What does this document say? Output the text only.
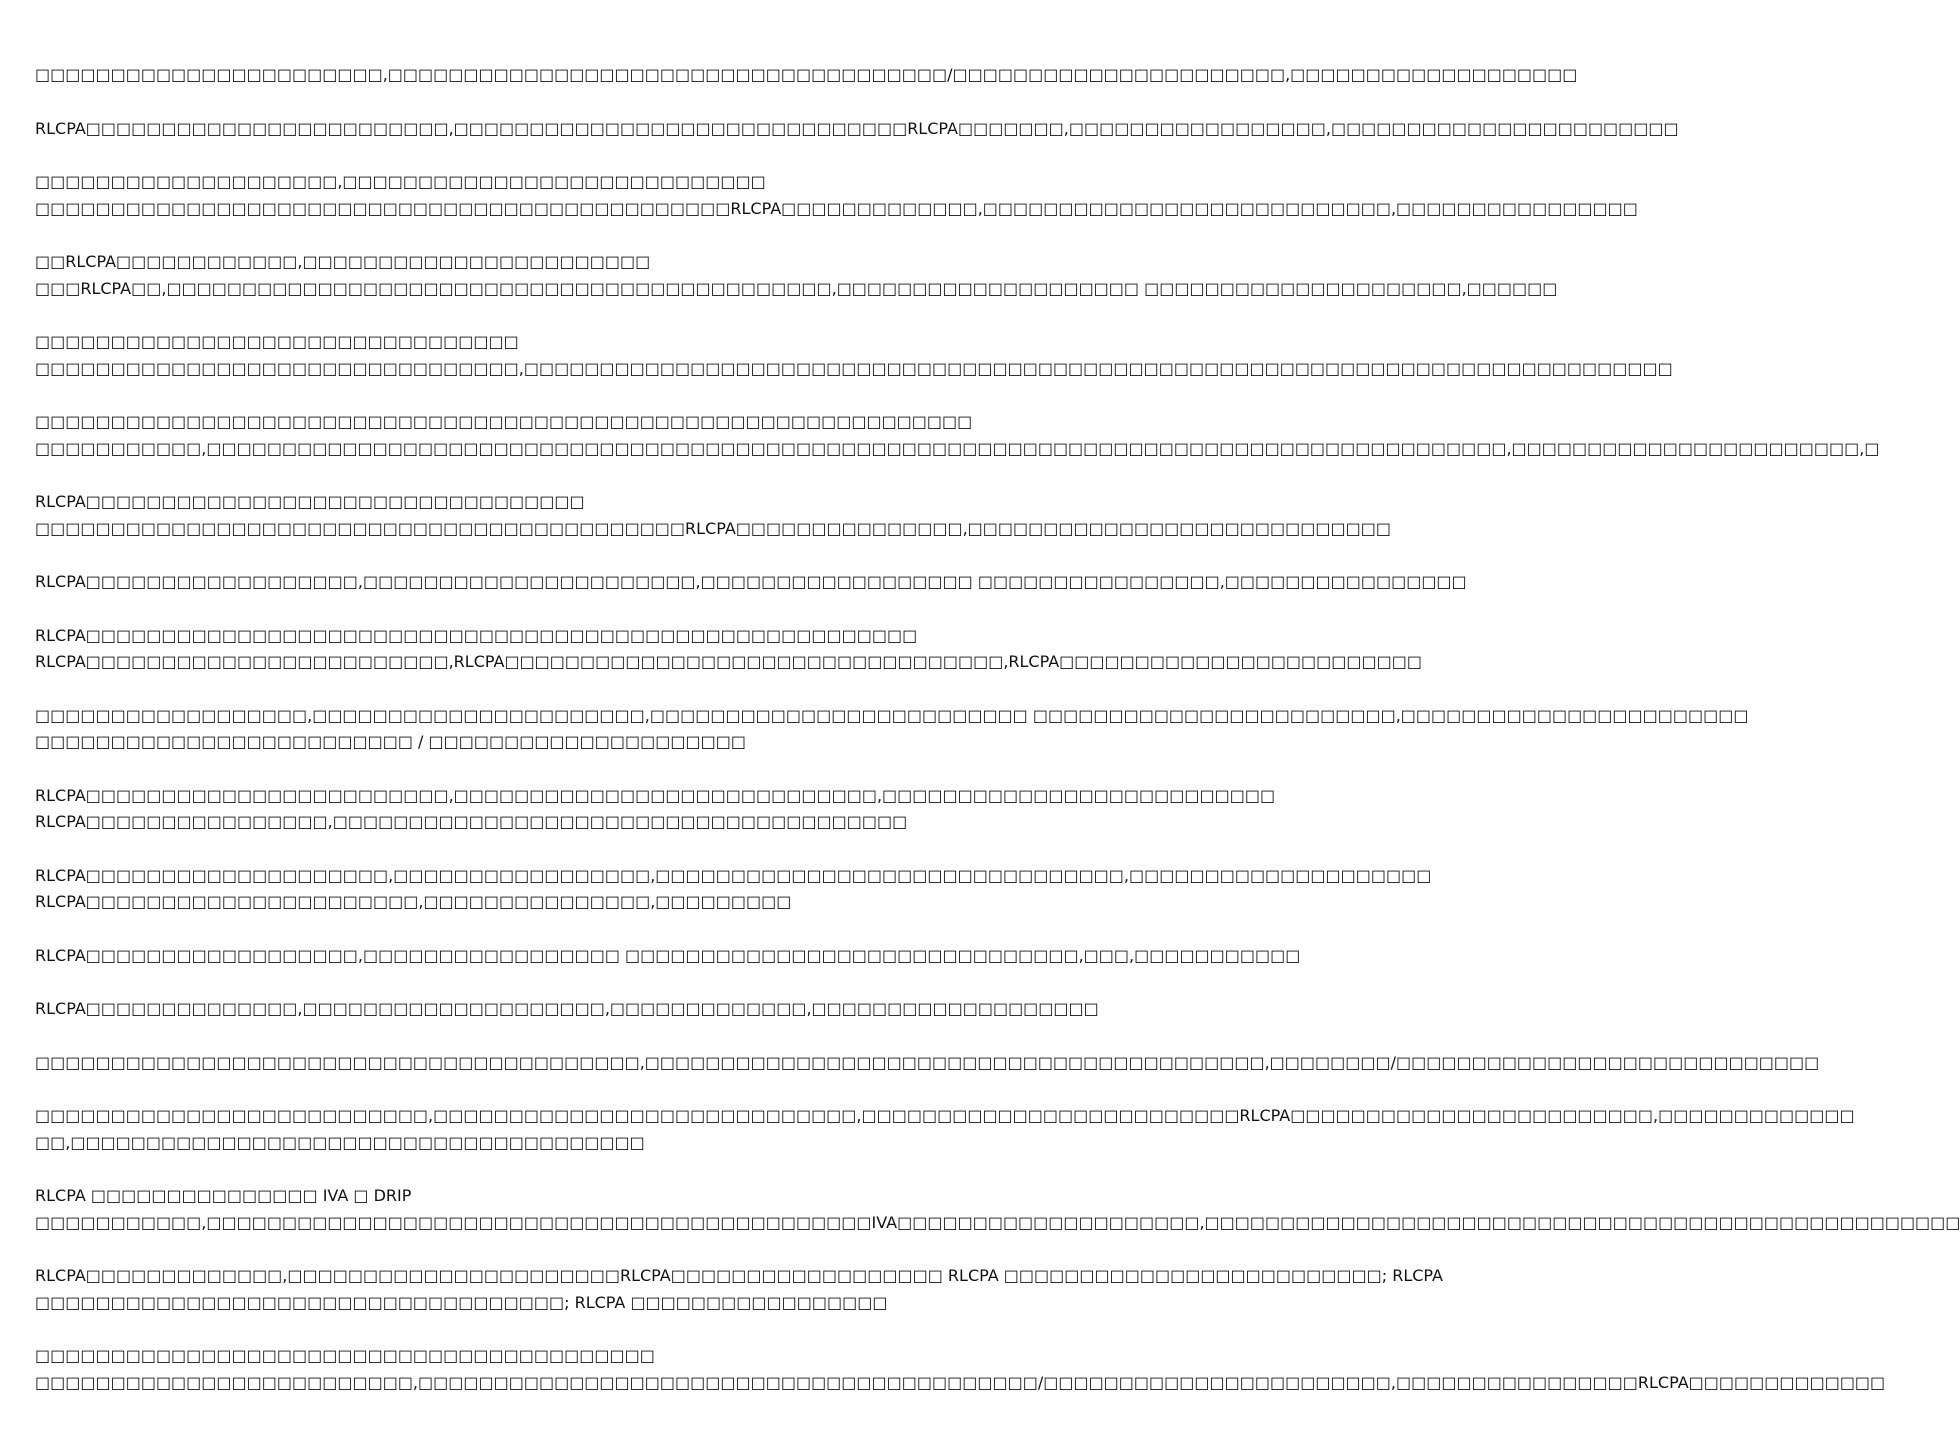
□□□□□□□□□□□□□□□□□□□□□□□,□□□□□□□□□□□□□□□□□□□□□□□□□□□□□□□□□□□□□/□□□□□□□□□□□□□□□□□□□□□□,□□□□□□□□□□□□□□□□□□□
RLCPA□□□□□□□□□□□□□□□□□□□□□□□□,□□□□□□□□□□□□□□□□□□□□□□□□□□□□□□RLCPA□□□□□□□,□□□□□□□□□□□□□□□□□,□□□□□□□□□□□□□□□□□□□□□□□
□□□□□□□□□□□□□□□□□□□□,□□□□□□□□□□□□□□□□□□□□□□□□□□□□
□□□□□□□□□□□□□□□□□□□□□□□□□□□□□□□□□□□□□□□□□□□□□□RLCPA□□□□□□□□□□□□□,□□□□□□□□□□□□□□□□□□□□□□□□□□□,□□□□□□□□□□□□□□□□
□□RLCPA□□□□□□□□□□□□,□□□□□□□□□□□□□□□□□□□□□□□
□□□RLCPA□□,□□□□□□□□□□□□□□□□□□□□□□□□□□□□□□□□□□□□□□□□□□□□,□□□□□□□□□□□□□□□□□□□□ □□□□□□□□□□□□□□□□□□□□□,□□□□□□
□□□□□□□□□□□□□□□□□□□□□□□□□□□□□□□□
□□□□□□□□□□□□□□□□□□□□□□□□□□□□□□□□,□□□□□□□□□□□□□□□□□□□□□□□□□□□□□□□□□□□□□□□□□□□□□□□□□□□□□□□□□□□□□□□□□□□□□□□□□□□□
□□□□□□□□□□□□□□□□□□□□□□□□□□□□□□□□□□□□□□□□□□□□□□□□□□□□□□□□□□□□□□
□□□□□□□□□□□,□□□□□□□□□□□□□□□□□□□□□□□□□□□□□□□□□□□□□□□□□□□□□□□□□□□□□□□□□□□□□□□□□□□□□□□□□□□□□□□□□□□□□□,□□□□□□□□□□□□□□□□□□□□□□□,□
RLCPA□□□□□□□□□□□□□□□□□□□□□□□□□□□□□□□□□
□□□□□□□□□□□□□□□□□□□□□□□□□□□□□□□□□□□□□□□□□□□RLCPA□□□□□□□□□□□□□□□,□□□□□□□□□□□□□□□□□□□□□□□□□□□□
RLCPA□□□□□□□□□□□□□□□□□□,□□□□□□□□□□□□□□□□□□□□□□,□□□□□□□□□□□□□□□□□□ □□□□□□□□□□□□□□□□,□□□□□□□□□□□□□□□□
RLCPA□□□□□□□□□□□□□□□□□□□□□□□□□□□□□□□□□□□□□□□□□□□□□□□□□□□□□□□
RLCPA□□□□□□□□□□□□□□□□□□□□□□□□,RLCPA□□□□□□□□□□□□□□□□□□□□□□□□□□□□□□□□□,RLCPA□□□□□□□□□□□□□□□□□□□□□□□□
□□□□□□□□□□□□□□□□□□,□□□□□□□□□□□□□□□□□□□□□□,□□□□□□□□□□□□□□□□□□□□□□□□□ □□□□□□□□□□□□□□□□□□□□□□□□,□□□□□□□□□□□□□□□□□□□□□□□
□□□□□□□□□□□□□□□□□□□□□□□□□ / □□□□□□□□□□□□□□□□□□□□□
RLCPA□□□□□□□□□□□□□□□□□□□□□□□□,□□□□□□□□□□□□□□□□□□□□□□□□□□□□,□□□□□□□□□□□□□□□□□□□□□□□□□□
RLCPA□□□□□□□□□□□□□□□□,□□□□□□□□□□□□□□□□□□□□□□□□□□□□□□□□□□□□□□
RLCPA□□□□□□□□□□□□□□□□□□□□,□□□□□□□□□□□□□□□□□,□□□□□□□□□□□□□□□□□□□□□□□□□□□□□□□,□□□□□□□□□□□□□□□□□□□□
RLCPA□□□□□□□□□□□□□□□□□□□□□□,□□□□□□□□□□□□□□□,□□□□□□□□□
RLCPA□□□□□□□□□□□□□□□□□□,□□□□□□□□□□□□□□□□□ □□□□□□□□□□□□□□□□□□□□□□□□□□□□□□,□□□,□□□□□□□□□□□
RLCPA□□□□□□□□□□□□□□,□□□□□□□□□□□□□□□□□□□□,□□□□□□□□□□□□□,□□□□□□□□□□□□□□□□□□□
□□□□□□□□□□□□□□□□□□□□□□□□□□□□□□□□□□□□□□□□,□□□□□□□□□□□□□□□□□□□□□□□□□□□□□□□□□□□□□□□□□,□□□□□□□□/□□□□□□□□□□□□□□□□□□□□□□□□□□□□
□□□□□□□□□□□□□□□□□□□□□□□□□□,□□□□□□□□□□□□□□□□□□□□□□□□□□□□,□□□□□□□□□□□□□□□□□□□□□□□□□RLCPA□□□□□□□□□□□□□□□□□□□□□□□□,□□□□□□□□□□□□□
□□,□□□□□□□□□□□□□□□□□□□□□□□□□□□□□□□□□□□□□□
RLCPA □□□□□□□□□□□□□□□ IVA □ DRIP
□□□□□□□□□□□,□□□□□□□□□□□□□□□□□□□□□□□□□□□□□□□□□□□□□□□□□□□□IVA□□□□□□□□□□□□□□□□□□□□,□□□□□□□□□□□□□□□□□□□□□□□□□□□□□□□□□□□□□□□□□□□□□□□□□□
RLCPA□□□□□□□□□□□□□,□□□□□□□□□□□□□□□□□□□□□□RLCPA□□□□□□□□□□□□□□□□□□ RLCPA □□□□□□□□□□□□□□□□□□□□□□□□□; RLCPA
□□□□□□□□□□□□□□□□□□□□□□□□□□□□□□□□□□□; RLCPA □□□□□□□□□□□□□□□□□
□□□□□□□□□□□□□□□□□□□□□□□□□□□□□□□□□□□□□□□□□
□□□□□□□□□□□□□□□□□□□□□□□□□,□□□□□□□□□□□□□□□□□□□□□□□□□□□□□□□□□□□□□□□□□/□□□□□□□□□□□□□□□□□□□□□□□,□□□□□□□□□□□□□□□□RLCPA□□□□□□□□□□□□□
